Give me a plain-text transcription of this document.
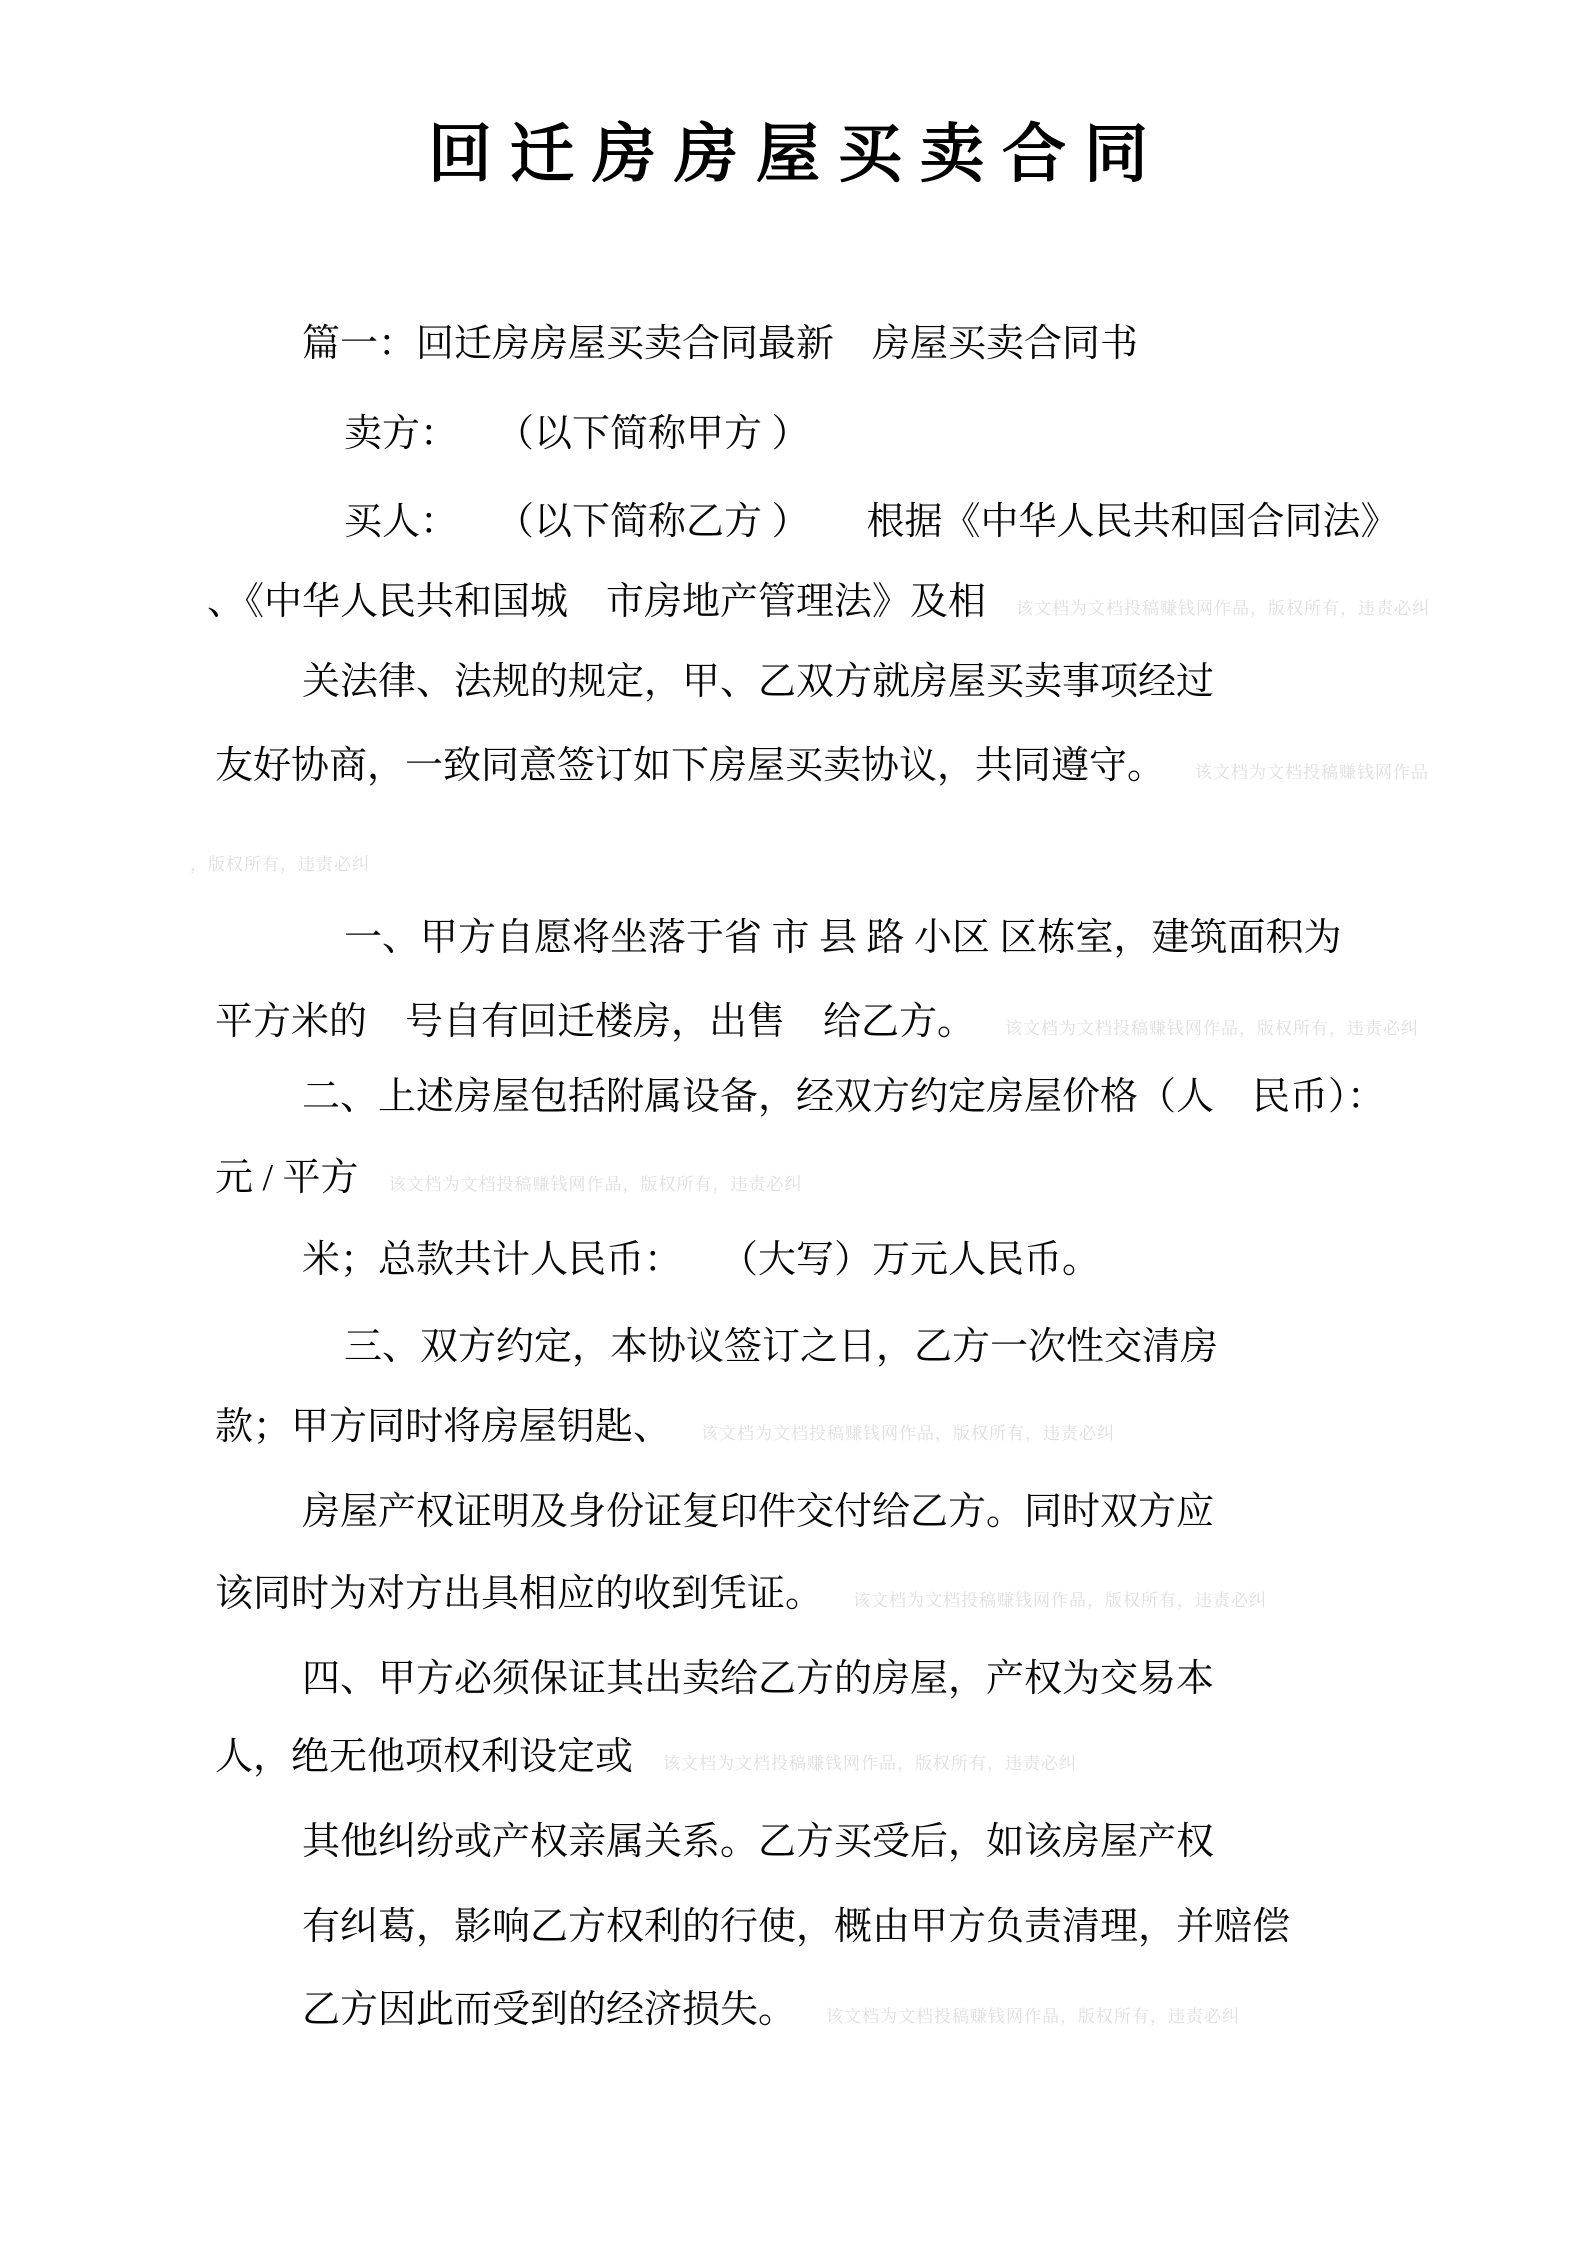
回迁房房屋买卖合同
篇一：回迁房房屋买卖合同最新　房屋买卖合同书
卖方：　　（以下简称甲方 ）
买人：　　（以下简称乙方 ）　　根据《中华人民共和国合同法》
、《中华人民共和国城　市房地产管理法》及相 该文档为文档投稿赚钱网作品，版权所有，违责必纠
关法律、法规的规定，甲、乙双方就房屋买卖事项经过
友好协商，一致同意签订如下房屋买卖协议，共同遵守。 该文档为文档投稿赚钱网作品
，版权所有，违责必纠
一、甲方自愿将坐落于省 市 县 路 小区 区栋室，建筑面积为
平方米的　号自有回迁楼房，出售　给乙方。 该文档为文档投稿赚钱网作品，版权所有，违责必纠
二、上述房屋包括附属设备，经双方约定房屋价格（人　民币）：
元 / 平方 该文档为文档投稿赚钱网作品，版权所有，违责必纠
米；总款共计人民币：　　（大写）万元人民币。
三、双方约定，本协议签订之日，乙方一次性交清房
款；甲方同时将房屋钥匙、 该文档为文档投稿赚钱网作品，版权所有，违责必纠
房屋产权证明及身份证复印件交付给乙方。同时双方应
该同时为对方出具相应的收到凭证。 该文档为文档投稿赚钱网作品，版权所有，违责必纠
四、甲方必须保证其出卖给乙方的房屋，产权为交易本
人，绝无他项权利设定或 该文档为文档投稿赚钱网作品，版权所有，违责必纠
其他纠纷或产权亲属关系。乙方买受后，如该房屋产权
有纠葛，影响乙方权利的行使，概由甲方负责清理，并赔偿
乙方因此而受到的经济损失。 该文档为文档投稿赚钱网作品，版权所有，违责必纠
